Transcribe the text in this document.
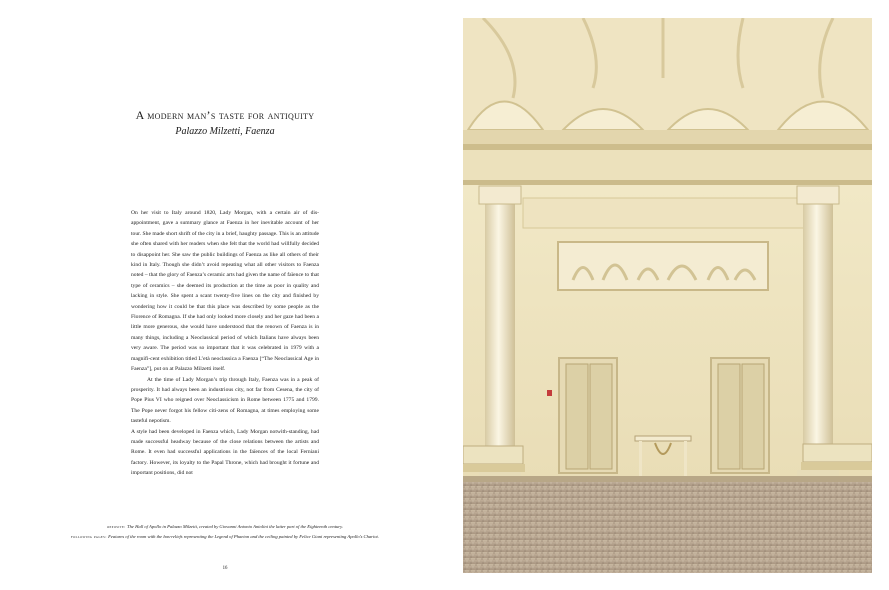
A modern man’s taste for antiquity
Palazzo Milzetti, Faenza

On her visit to Italy around 1820, Lady Morgan, with a certain air of dis-appointment, gave a summary glance at Faenza in her inevitable account of her tour. She made short shrift of the city in a brief, haughty passage. This is an attitude she often shared with her readers when she felt that the world had willfully decided to disappoint her. She saw the public buildings of Faenza as like all others of their kind in Italy. Though she didn’t avoid repeating what all other visitors to Faenza noted – that the glory of Faenza’s ceramic arts had given the name of faïence to that type of ceramics – she deemed its production at the time as poor in quality and lacking in style. She spent a scant twenty-five lines on the city and finished by wondering how it could be that this place was described by some people as the Florence of Romagna. If she had only looked more closely and her gaze had been a little more generous, she would have understood that the renown of Faenza is in many things, including a Neoclassical period of which Italians have always been very aware. The period was so important that it was celebrated in 1979 with a magnifi-cent exhibition titled L’età neoclassica a Faenza [“The Neoclassical Age in Faenza”], put on at Palazzo Milzetti itself.

At the time of Lady Morgan’s trip through Italy, Faenza was in a peak of prosperity. It had always been an industrious city, not far from Cesena, the city of Pope Pius VI who reigned over Neoclassicism in Rome between 1775 and 1799. The Pope never forgot his fellow citi-zens of Romagna, at times employing some tasteful nepotism.

A style had been developed in Faenza which, Lady Morgan notwith-standing, had made successful headway because of the close relations between the artists and Rome. It even had successful applications in the faïences of the local Ferniani factory. However, its loyalty to the Papal Throne, which had brought it fortune and important positions, did not

opposite: The Hall of Apollo in Palazzo Milzetti, created by Giovanni Antonio Antolini the latter part of the Eighteenth century.
following pages: Features of the room with the bas-reliefs representing the Legend of Phaeton and the ceiling painted by Felice Giani representing Apollo’s Chariot.
16
